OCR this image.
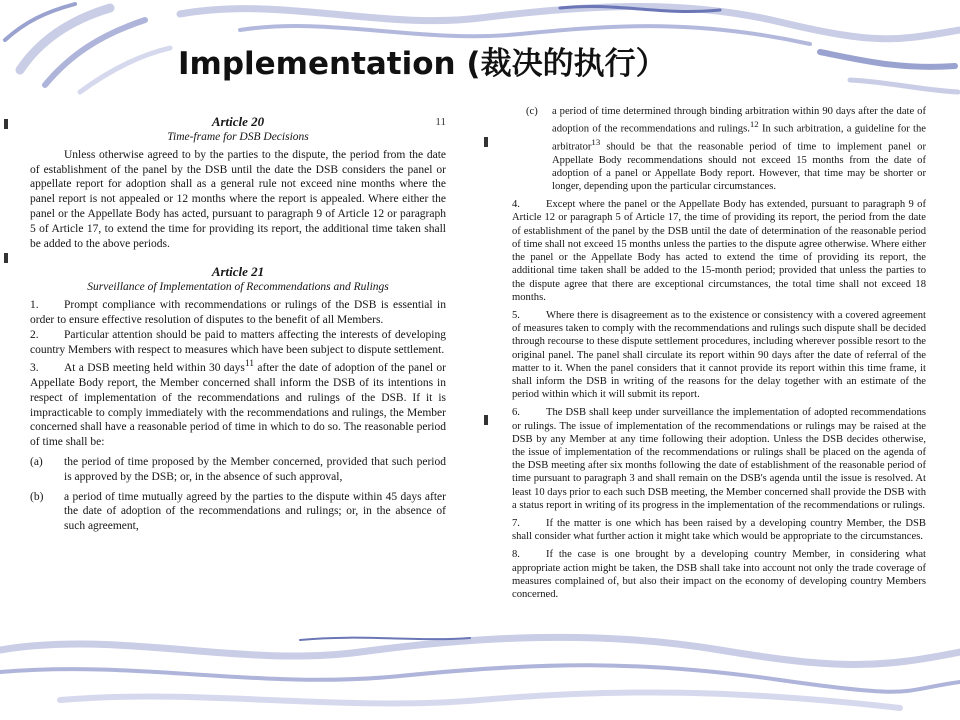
Implementation (裁决的执行）
11

Article 20

Time-frame for DSB Decisions

Unless otherwise agreed to by the parties to the dispute, the period from the date of establishment of the panel by the DSB until the date the DSB considers the panel or appellate report for adoption shall as a general rule not exceed nine months where the panel report is not appealed or 12 months where the report is appealed. Where either the panel or the Appellate Body has acted, pursuant to paragraph 9 of Article 12 or paragraph 5 of Article 17, to extend the time for providing its report, the additional time taken shall be added to the above periods.

Article 21

Surveillance of Implementation of Recommendations and Rulings

1. Prompt compliance with recommendations or rulings of the DSB is essential in order to ensure effective resolution of disputes to the benefit of all Members.

2. Particular attention should be paid to matters affecting the interests of developing country Members with respect to measures which have been subject to dispute settlement.

3. At a DSB meeting held within 30 days$^{11}$ after the date of adoption of the panel or Appellate Body report, the Member concerned shall inform the DSB of its intentions in respect of implementation of the recommendations and rulings of the DSB. If it is impracticable to comply immediately with the recommendations and rulings, the Member concerned shall have a reasonable period of time in which to do so. The reasonable period of time shall be:

(a)	the period of time proposed by the Member concerned, provided that such period is approved by the DSB; or, in the absence of such approval,
(b)	a period of time mutually agreed by the parties to the dispute within 45 days after the date of adoption of the recommendations and rulings; or, in the absence of such agreement,
(c)	a period of time determined through binding arbitration within 90 days after the date of adoption of the recommendations and rulings.$^{12}$ In such arbitration, a guideline for the arbitrator$^{13}$ should be that the reasonable period of time to implement panel or Appellate Body recommendations should not exceed 15 months from the date of adoption of a panel or Appellate Body report. However, that time may be shorter or longer, depending upon the particular circumstances.

4. Except where the panel or the Appellate Body has extended, pursuant to paragraph 9 of Article 12 or paragraph 5 of Article 17, the time of providing its report, the period from the date of establishment of the panel by the DSB until the date of determination of the reasonable period of time shall not exceed 15 months unless the parties to the dispute agree otherwise. Where either the panel or the Appellate Body has acted to extend the time of providing its report, the additional time taken shall be added to the 15-month period; provided that unless the parties to the dispute agree that there are exceptional circumstances, the total time shall not exceed 18 months.

5. Where there is disagreement as to the existence or consistency with a covered agreement of measures taken to comply with the recommendations and rulings such dispute shall be decided through recourse to these dispute settlement procedures, including wherever possible resort to the original panel. The panel shall circulate its report within 90 days after the date of referral of the matter to it. When the panel considers that it cannot provide its report within this time frame, it shall inform the DSB in writing of the reasons for the delay together with an estimate of the period within which it will submit its report.

6. The DSB shall keep under surveillance the implementation of adopted recommendations or rulings. The issue of implementation of the recommendations or rulings may be raised at the DSB by any Member at any time following their adoption. Unless the DSB decides otherwise, the issue of implementation of the recommendations or rulings shall be placed on the agenda of the DSB meeting after six months following the date of establishment of the reasonable period of time pursuant to paragraph 3 and shall remain on the DSB's agenda until the issue is resolved. At least 10 days prior to each such DSB meeting, the Member concerned shall provide the DSB with a status report in writing of its progress in the implementation of the recommendations or rulings.

7. If the matter is one which has been raised by a developing country Member, the DSB shall consider what further action it might take which would be appropriate to the circumstances.

8. If the case is one brought by a developing country Member, in considering what appropriate action might be taken, the DSB shall take into account not only the trade coverage of measures complained of, but also their impact on the economy of developing country Members concerned.
